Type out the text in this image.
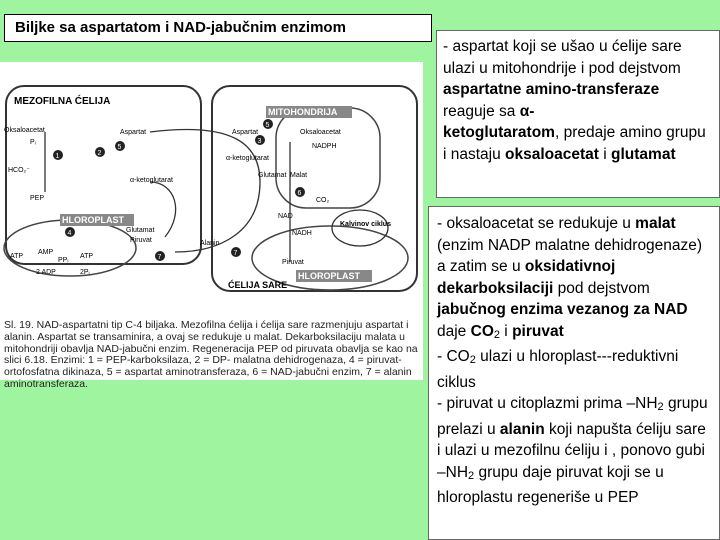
Biljke sa aspartatom i NAD-jabučnim enzimom
MEZOFILNA ĆELIJA
MITOHONDRIJA
HLOROPLAST
HLOROPLAST
ĆELIJA SARE
Oksaloacetat
Pᵢ
HCO₂⁻
PEP
Aspartat
α-ketoglutarat
Glutamat
ATP
AMP
PPᵢ
ATP
2 ADP	2Pᵢ
Piruvat	Alanin
Aspartat
α-ketoglutarat
Glutamat
Oksaloacetat
NADPH
Malat
CO₂
NAD
NADH
Piruvat
Kalvinov ciklus
1	2
3
4
5
6
7
7
5
Sl. 19. NAD-aspartatni tip C-4 biljaka. Mezofilna ćelija i ćelija sare razmenjuju aspartat i alanin. Aspartat se transaminira, a ovaj se redukuje u malat. Dekarboksilaciju malata u mitohondriji obavlja NAD-jabučni enzim. Regeneracija PEP od piruvata obavlja se kao na slici 6.18. Enzimi: 1 = PEP-karboksilaza, 2 = DP- malatna dehidrogenaza, 4 = piruvat-ortofosfatna dikinaza, 5 = aspartat aminotransferaza, 6 = NAD-jabučni enzim, 7 = alanin aminotransferaza.

- aspartat koji se ušao u ćelije sare ulazi u mitohondrije i pod dejstvom aspartatne amino-transferaze reaguje sa α-
ketoglutaratom, predaje amino grupu i nastaju oksaloacetat i glutamat

- oksaloacetat se redukuje u malat (enzim NADP malatne dehidrogenaze) a zatim se u oksidativnoj dekarboksilaciji pod dejstvom jabučnog enzima vezanog za NAD daje $CO_2$ i piruvat

- $CO_2$ ulazi u hloroplast---reduktivni ciklus

- piruvat u citoplazmi prima $-NH_2$ grupu prelazi u alanin koji napušta ćeliju sare i ulazi u mezofilnu ćeliju i , ponovo gubi $-NH_2$ grupu daje piruvat koji se u hloroplastu regeneriše u PEP
